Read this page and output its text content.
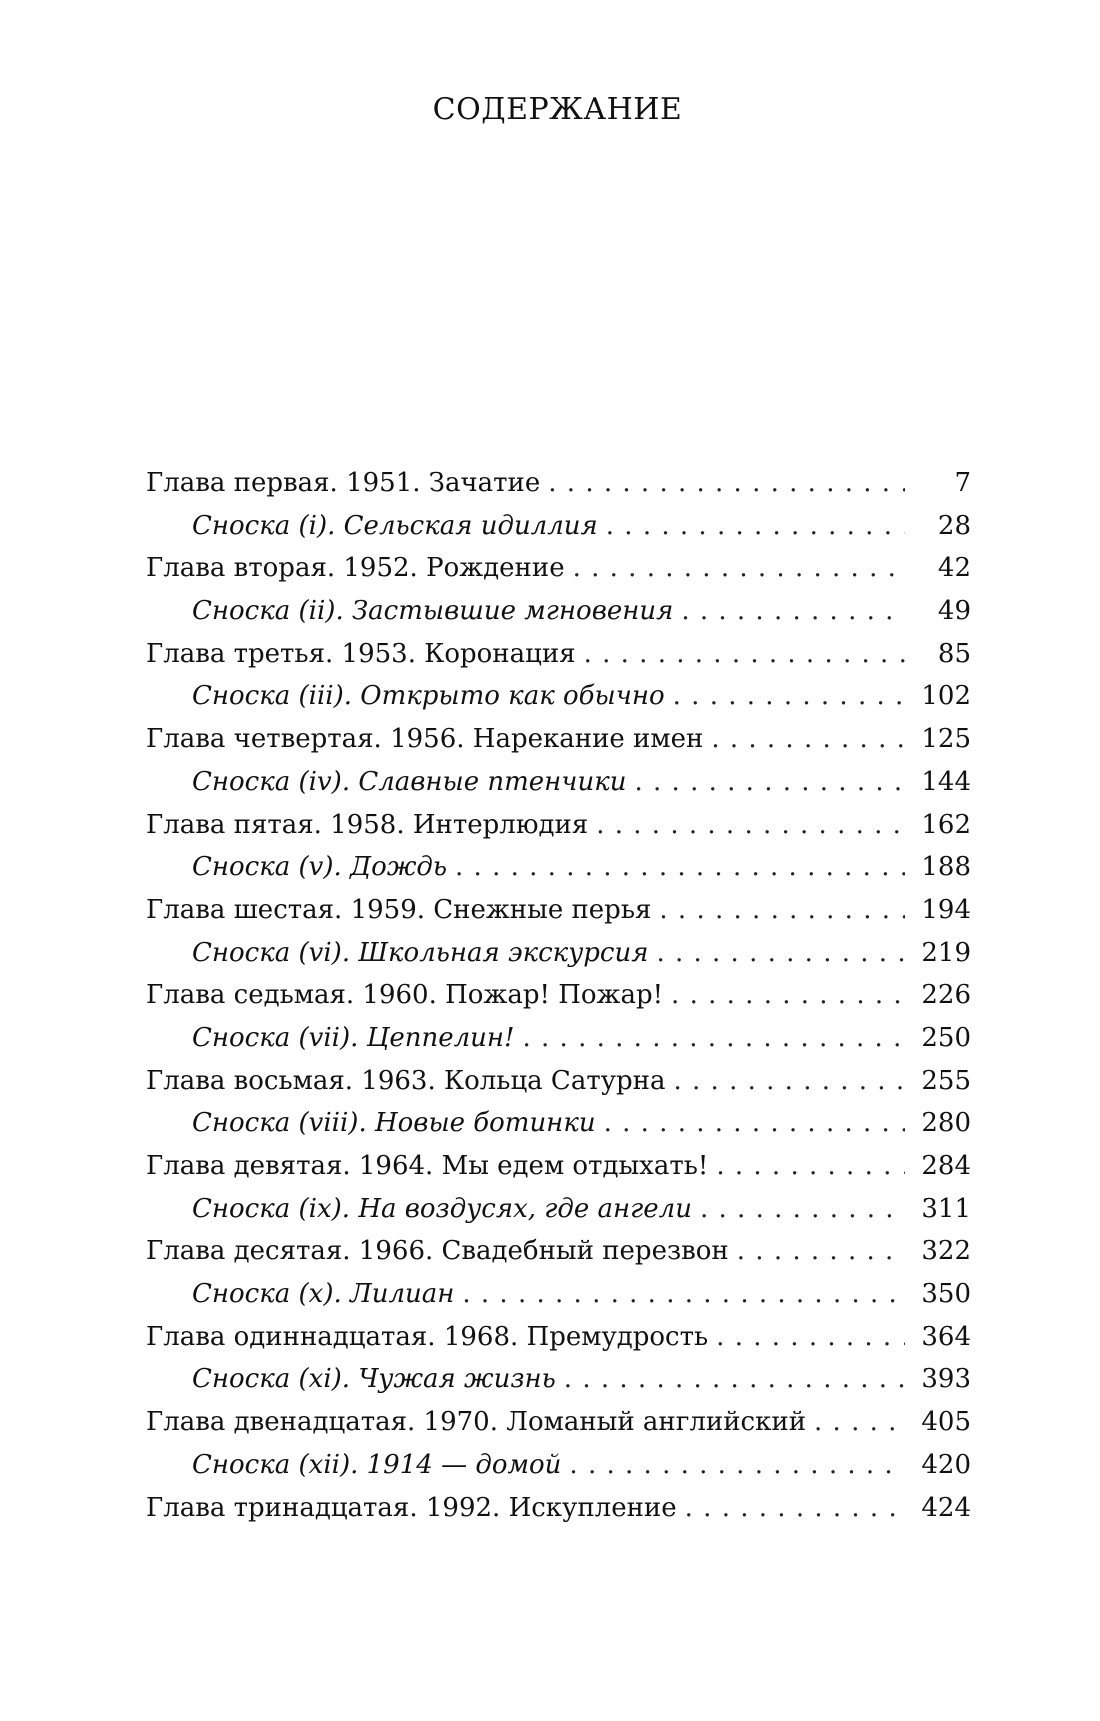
СОДЕРЖАНИЕ
Глава первая. 1951. Зачатие . . .	7
Сноска (i). Сельская идиллия . . .	28
Глава вторая. 1952. Рождение . . .	42
Сноска (ii). Застывшие мгновения . . .	49
Глава третья. 1953. Коронация . . .	85
Сноска (iii). Открыто как обычно . . .	102
Глава четвертая. 1956. Нарекание имен . . .	125
Сноска (iv). Славные птенчики . . .	144
Глава пятая. 1958. Интерлюдия . . .	162
Сноска (v). Дождь . . .	188
Глава шестая. 1959. Снежные перья . . .	194
Сноска (vi). Школьная экскурсия . . .	219
Глава седьмая. 1960. Пожар! Пожар! . . .	226
Сноска (vii). Цеппелин! . . .	250
Глава восьмая. 1963. Кольца Сатурна . . .	255
Сноска (viii). Новые ботинки . . .	280
Глава девятая. 1964. Мы едем отдыхать! . . .	284
Сноска (ix). На воздусях, где ангели . . .	311
Глава десятая. 1966. Свадебный перезвон . . .	322
Сноска (x). Лилиан . . .	350
Глава одиннадцатая. 1968. Премудрость . . .	364
Сноска (xi). Чужая жизнь . . .	393
Глава двенадцатая. 1970. Ломаный английский . . .	405
Сноска (xii). 1914 — домой . . .	420
Глава тринадцатая. 1992. Искупление . . .	424
